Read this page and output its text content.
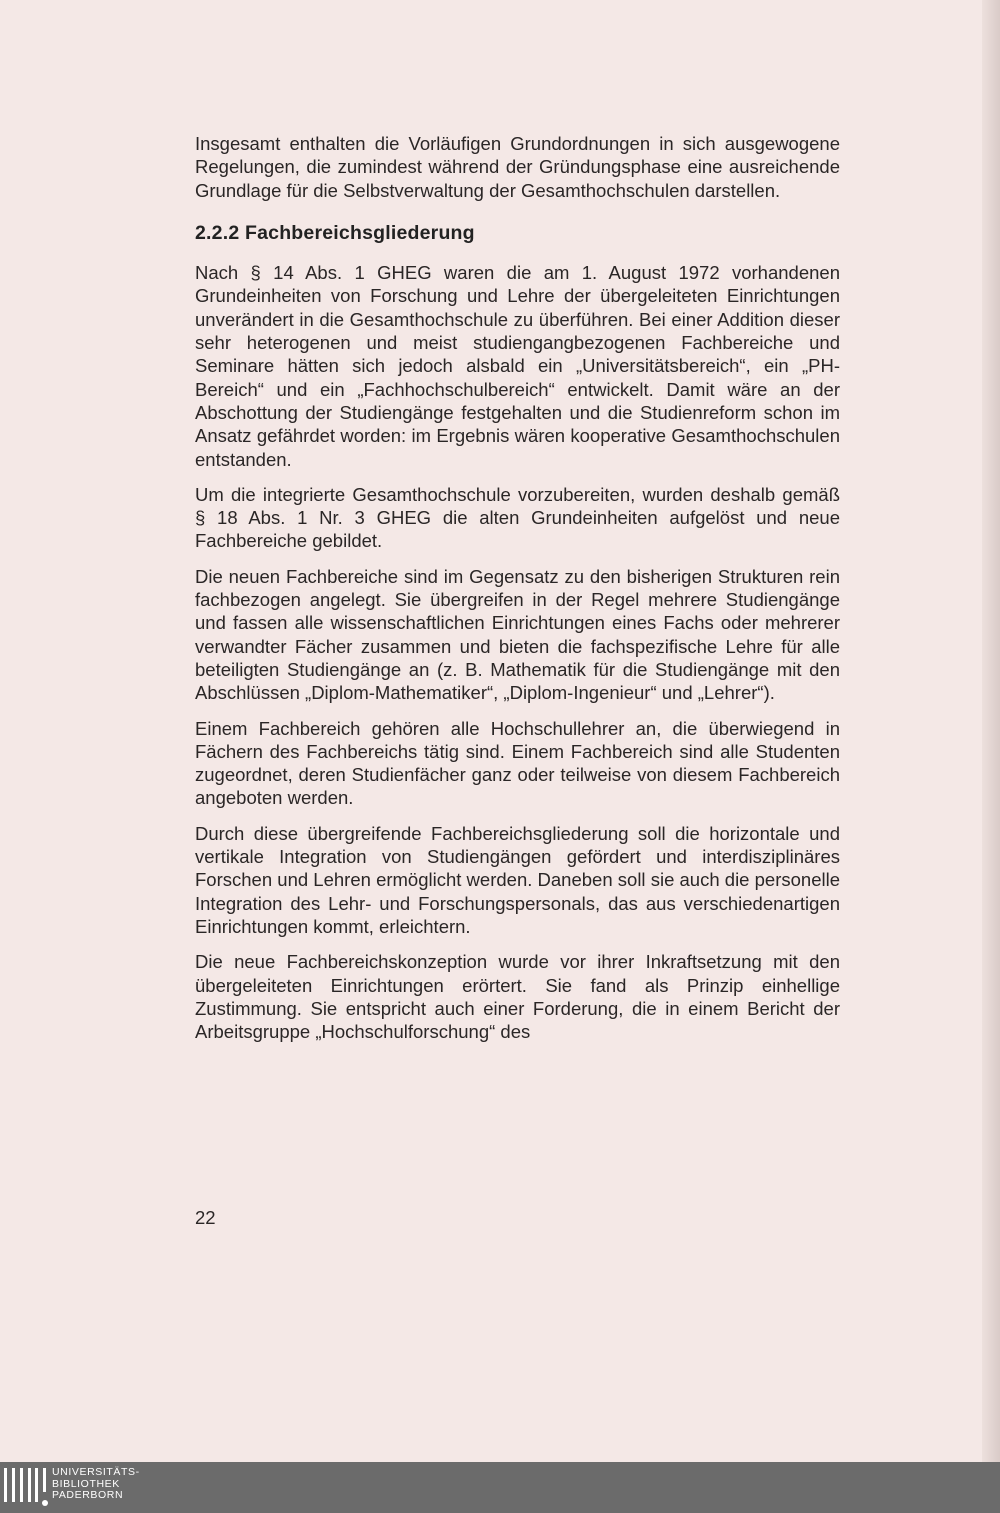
Insgesamt enthalten die Vorläufigen Grundordnungen in sich ausgewogene Regelungen, die zumindest während der Gründungsphase eine ausreichende Grundlage für die Selbstverwaltung der Gesamthochschulen darstellen.

2.2.2 Fachbereichsgliederung

Nach § 14 Abs. 1 GHEG waren die am 1. August 1972 vorhandenen Grundeinheiten von Forschung und Lehre der übergeleiteten Einrichtungen unverändert in die Gesamthochschule zu überführen. Bei einer Addition dieser sehr heterogenen und meist studiengangbezogenen Fachbereiche und Seminare hätten sich jedoch alsbald ein „Universitätsbereich“, ein „PH-Bereich“ und ein „Fachhochschulbereich“ entwickelt. Damit wäre an der Abschottung der Studiengänge festgehalten und die Studienreform schon im Ansatz gefährdet worden: im Ergebnis wären kooperative Gesamthochschulen entstanden.

Um die integrierte Gesamthochschule vorzubereiten, wurden deshalb gemäß § 18 Abs. 1 Nr. 3 GHEG die alten Grundeinheiten aufgelöst und neue Fachbereiche gebildet.

Die neuen Fachbereiche sind im Gegensatz zu den bisherigen Strukturen rein fachbezogen angelegt. Sie übergreifen in der Regel mehrere Studiengänge und fassen alle wissenschaftlichen Einrichtungen eines Fachs oder mehrerer verwandter Fächer zusammen und bieten die fachspezifische Lehre für alle beteiligten Studiengänge an (z. B. Mathematik für die Studiengänge mit den Abschlüssen „Diplom-Mathematiker“, „Diplom-Ingenieur“ und „Lehrer“).

Einem Fachbereich gehören alle Hochschullehrer an, die überwiegend in Fächern des Fachbereichs tätig sind. Einem Fachbereich sind alle Studenten zugeordnet, deren Studienfächer ganz oder teilweise von diesem Fachbereich angeboten werden.

Durch diese übergreifende Fachbereichsgliederung soll die horizontale und vertikale Integration von Studiengängen gefördert und interdisziplinäres Forschen und Lehren ermöglicht werden. Daneben soll sie auch die personelle Integration des Lehr- und Forschungspersonals, das aus verschiedenartigen Einrichtungen kommt, erleichtern.

Die neue Fachbereichskonzeption wurde vor ihrer Inkraftsetzung mit den übergeleiteten Einrichtungen erörtert. Sie fand als Prinzip einhellige Zustimmung. Sie entspricht auch einer Forderung, die in einem Bericht der Arbeitsgruppe „Hochschulforschung“ des

22
UNIVERSITÄTS-
BIBLIOTHEK
PADERBORN
